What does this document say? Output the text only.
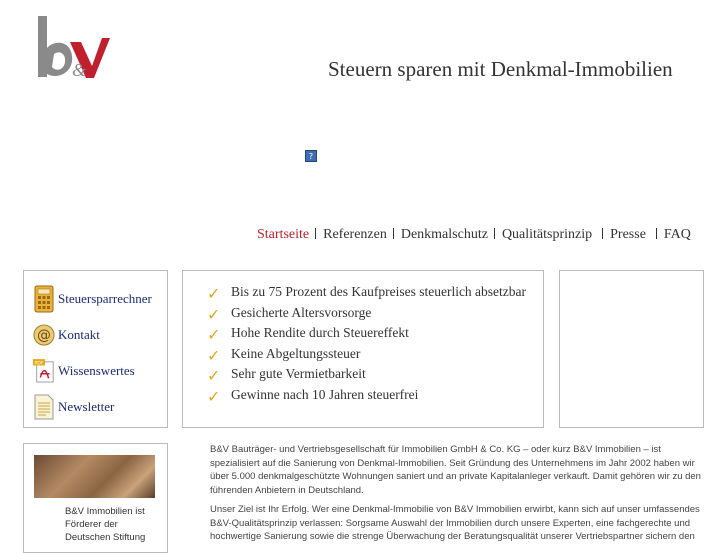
&	Steuern sparen mit Denkmal-Immobilien
?
Startseite Referenzen Denkmalschutz Qualitätsprinzip Presse FAQ
Steuersparrechner
@ Kontakt
PDF Wissenswertes
Newsletter
✓ Bis zu 75 Prozent des Kaufpreises steuerlich absetzbar
✓ Gesicherte Altersvorsorge
✓ Hohe Rendite durch Steuereffekt
✓ Keine Abgeltungssteuer
✓ Sehr gute Vermietbarkeit
✓ Gewinne nach 10 Jahren steuerfrei
B&V Immobilien ist Förderer der Deutschen Stiftung

B&V Bauträger- und Vertriebsgesellschaft für Immobilien GmbH & Co. KG – oder kurz B&V Immobilien – ist spezialisiert auf die Sanierung von Denkmal-Immobilien. Seit Gründung des Unternehmens im Jahr 2002 haben wir über 5.000 denkmalgeschützte Wohnungen saniert und an private Kapitalanleger verkauft. Damit gehören wir zu den führenden Anbietern in Deutschland.

Unser Ziel ist Ihr Erfolg. Wer eine Denkmal-Immobilie von B&V Immobilien erwirbt, kann sich auf unser umfassendes B&V-Qualitätsprinzip verlassen: Sorgsame Auswahl der Immobilien durch unsere Experten, eine fachgerechte und hochwertige Sanierung sowie die strenge Überwachung der Beratungsqualität unserer Vertriebspartner sichern den
